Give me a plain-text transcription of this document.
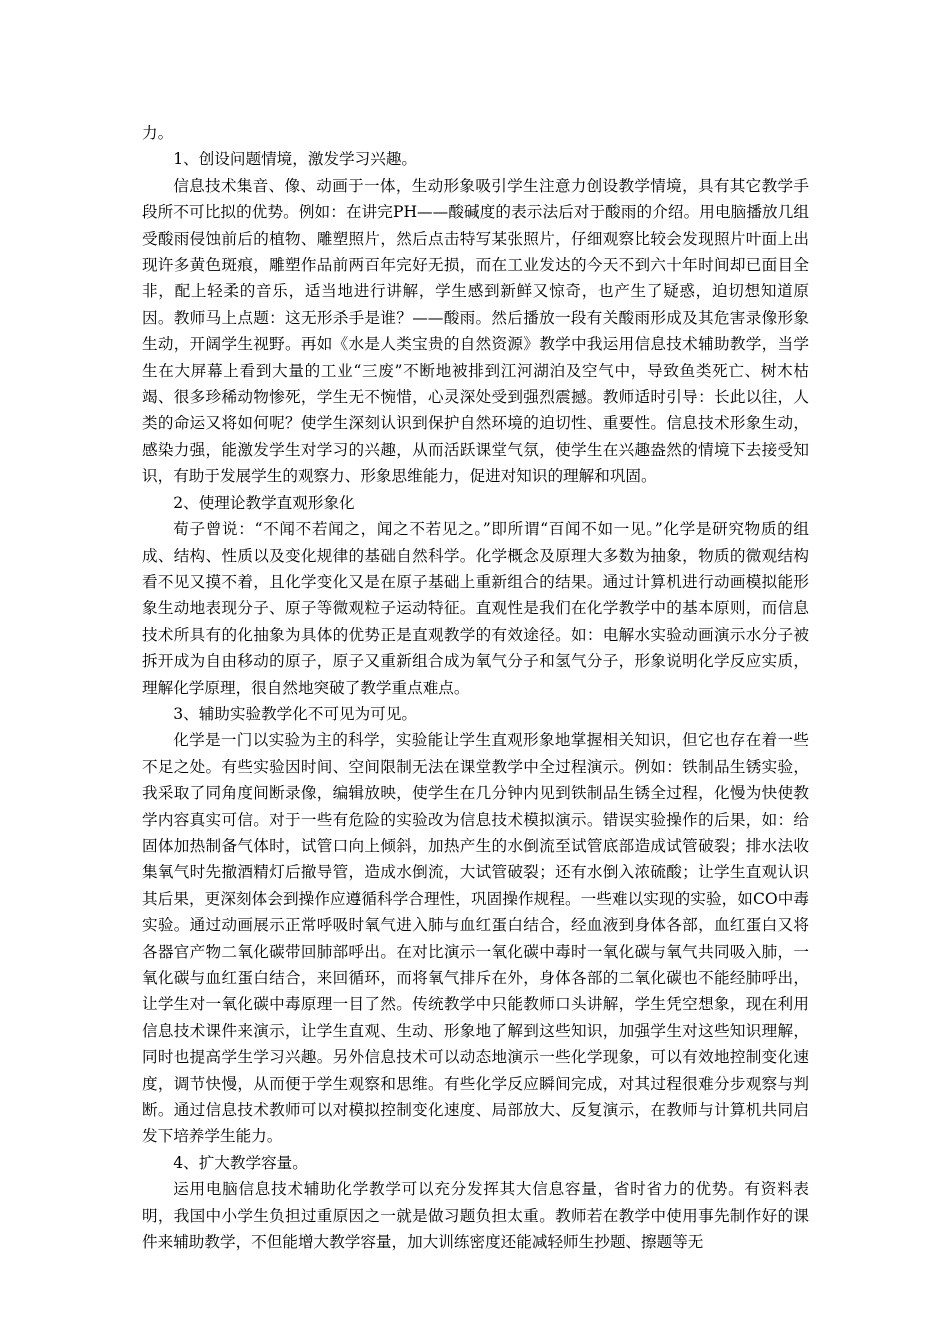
力。

1、创设问题情境，激发学习兴趣。

信息技术集音、像、动画于一体，生动形象吸引学生注意力创设教学情境，具有其它教学手段所不可比拟的优势。例如：在讲完PH——酸碱度的表示法后对于酸雨的介绍。用电脑播放几组受酸雨侵蚀前后的植物、雕塑照片，然后点击特写某张照片，仔细观察比较会发现照片叶面上出现许多黄色斑痕，雕塑作品前两百年完好无损，而在工业发达的今天不到六十年时间却已面目全非，配上轻柔的音乐，适当地进行讲解，学生感到新鲜又惊奇，也产生了疑惑，迫切想知道原因。教师马上点题：这无形杀手是谁？——酸雨。然后播放一段有关酸雨形成及其危害录像形象生动，开阔学生视野。再如《水是人类宝贵的自然资源》教学中我运用信息技术辅助教学，当学生在大屏幕上看到大量的工业“三废”不断地被排到江河湖泊及空气中，导致鱼类死亡、树木枯竭、很多珍稀动物惨死，学生无不惋惜，心灵深处受到强烈震撼。教师适时引导：长此以往，人类的命运又将如何呢？使学生深刻认识到保护自然环境的迫切性、重要性。信息技术形象生动，感染力强，能激发学生对学习的兴趣，从而活跃课堂气氛，使学生在兴趣盎然的情境下去接受知识，有助于发展学生的观察力、形象思维能力，促进对知识的理解和巩固。

2、使理论教学直观形象化

荀子曾说：“不闻不若闻之，闻之不若见之。”即所谓“百闻不如一见。”化学是研究物质的组成、结构、性质以及变化规律的基础自然科学。化学概念及原理大多数为抽象，物质的微观结构看不见又摸不着，且化学变化又是在原子基础上重新组合的结果。通过计算机进行动画模拟能形象生动地表现分子、原子等微观粒子运动特征。直观性是我们在化学教学中的基本原则，而信息技术所具有的化抽象为具体的优势正是直观教学的有效途径。如：电解水实验动画演示水分子被拆开成为自由移动的原子，原子又重新组合成为氧气分子和氢气分子，形象说明化学反应实质，理解化学原理，很自然地突破了教学重点难点。

3、辅助实验教学化不可见为可见。

化学是一门以实验为主的科学，实验能让学生直观形象地掌握相关知识，但它也存在着一些不足之处。有些实验因时间、空间限制无法在课堂教学中全过程演示。例如：铁制品生锈实验，我采取了同角度间断录像，编辑放映，使学生在几分钟内见到铁制品生锈全过程，化慢为快使教学内容真实可信。对于一些有危险的实验改为信息技术模拟演示。错误实验操作的后果，如：给固体加热制备气体时，试管口向上倾斜，加热产生的水倒流至试管底部造成试管破裂；排水法收集氧气时先撤酒精灯后撤导管，造成水倒流，大试管破裂；还有水倒入浓硫酸；让学生直观认识其后果，更深刻体会到操作应遵循科学合理性，巩固操作规程。一些难以实现的实验，如CO中毒实验。通过动画展示正常呼吸时氧气进入肺与血红蛋白结合，经血液到身体各部，血红蛋白又将各器官产物二氧化碳带回肺部呼出。在对比演示一氧化碳中毒时一氧化碳与氧气共同吸入肺，一氧化碳与血红蛋白结合，来回循环，而将氧气排斥在外，身体各部的二氧化碳也不能经肺呼出，让学生对一氧化碳中毒原理一目了然。传统教学中只能教师口头讲解，学生凭空想象，现在利用信息技术课件来演示，让学生直观、生动、形象地了解到这些知识，加强学生对这些知识理解，同时也提高学生学习兴趣。另外信息技术可以动态地演示一些化学现象，可以有效地控制变化速度，调节快慢，从而便于学生观察和思维。有些化学反应瞬间完成，对其过程很难分步观察与判断。通过信息技术教师可以对模拟控制变化速度、局部放大、反复演示，在教师与计算机共同启发下培养学生能力。

4、扩大教学容量。

运用电脑信息技术辅助化学教学可以充分发挥其大信息容量，省时省力的优势。有资料表明，我国中小学生负担过重原因之一就是做习题负担太重。教师若在教学中使用事先制作好的课件来辅助教学，不但能增大教学容量，加大训练密度还能减轻师生抄题、擦题等无
